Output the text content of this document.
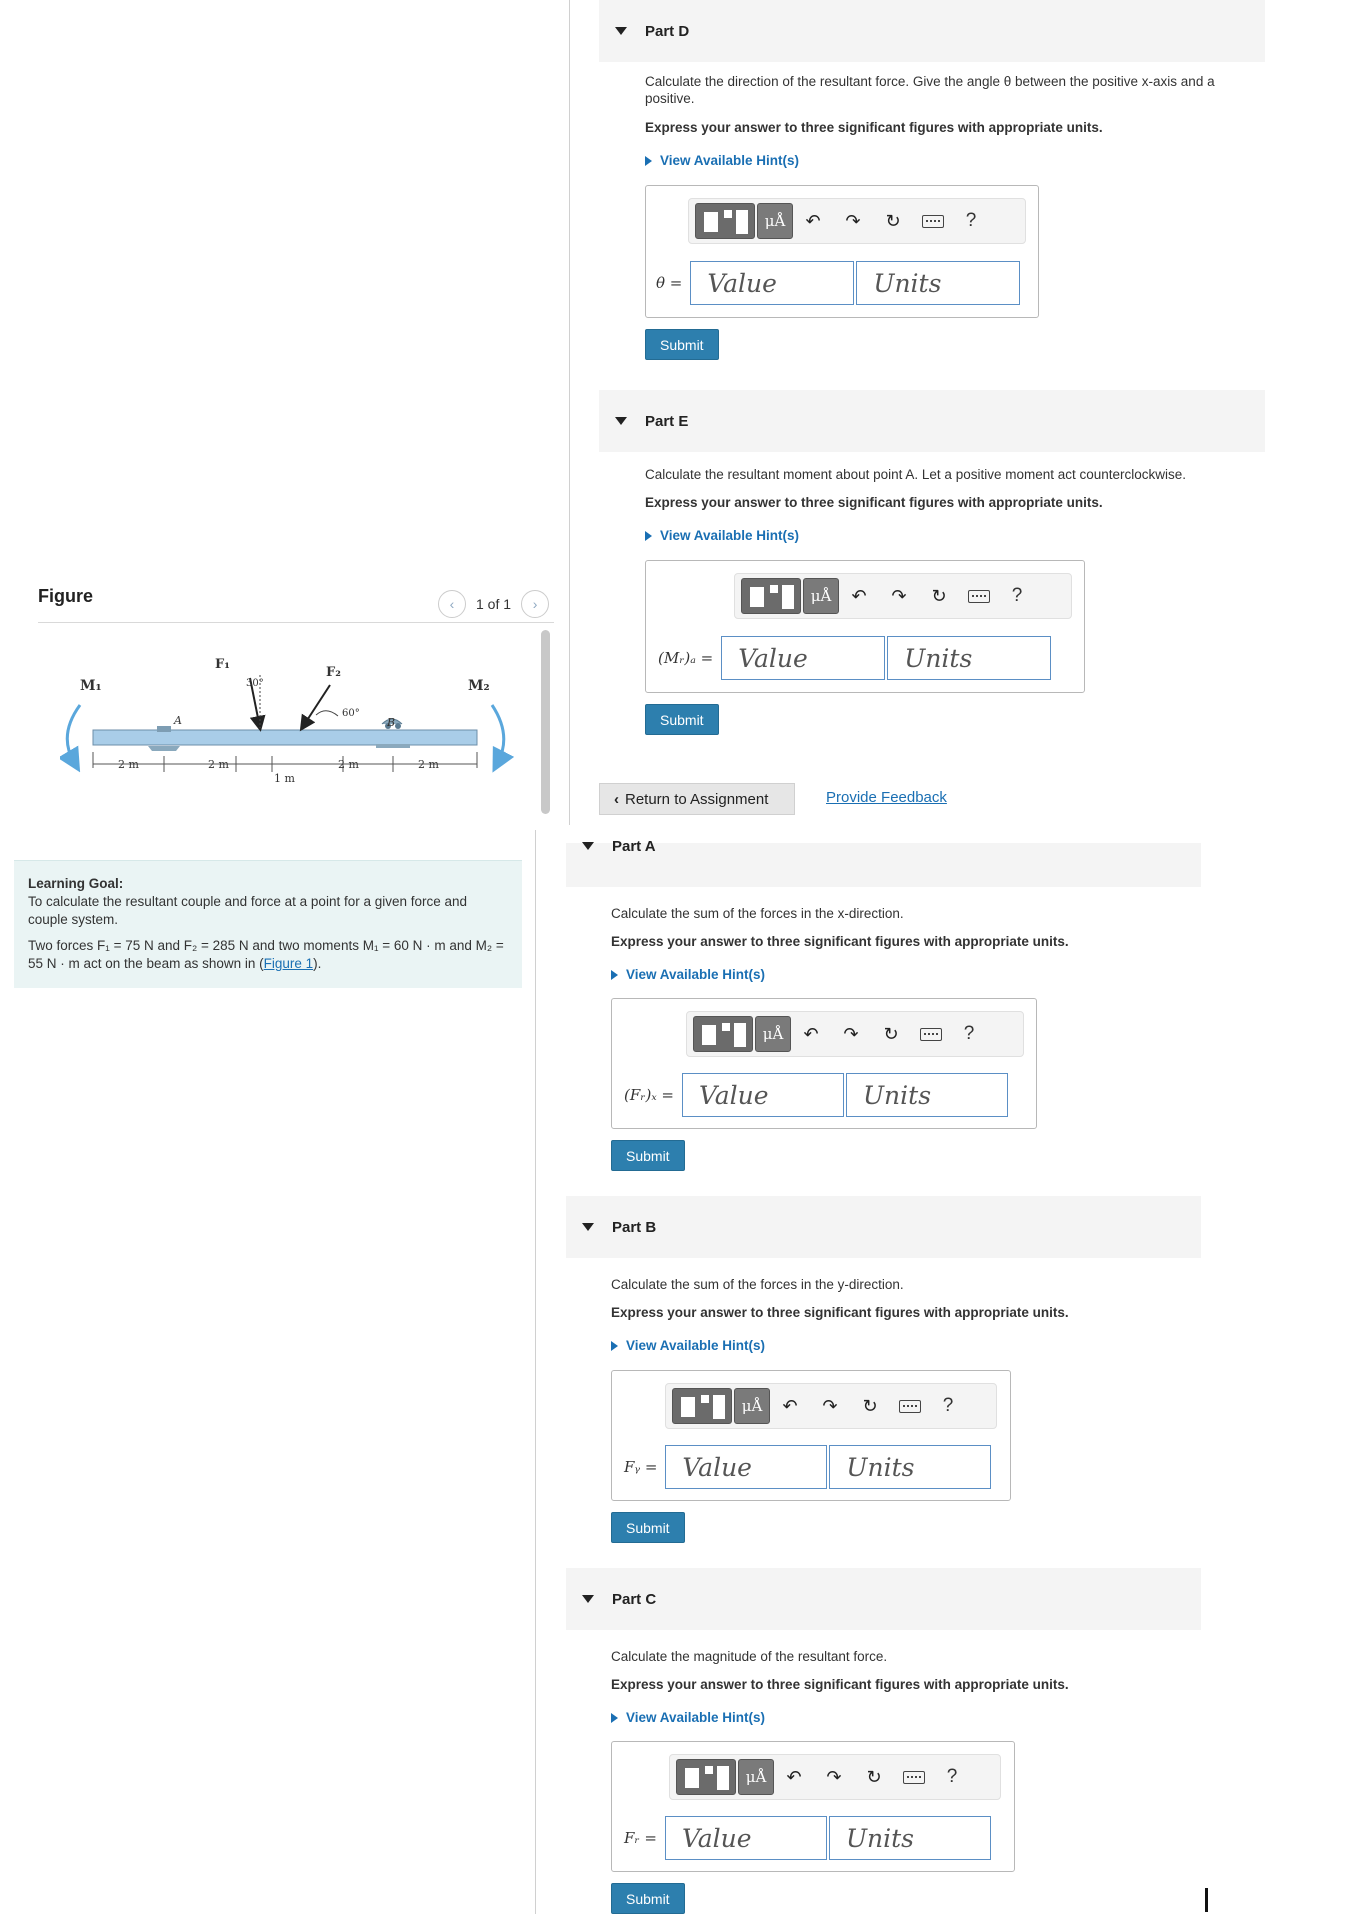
Figure	‹	1 of 1	›
M₁	M₂
F₁
F₂
A	B
30°
60°
2 m	2 m
1 m
2 m	2 m

Learning Goal:

To calculate the resultant couple and force at a point for a given force and couple system.

Two forces F₁ = 75 N and F₂ = 285 N and two moments M₁ = 60 N · m and M₂ = 55 N · m act on the beam as shown in (Figure 1).

Part D
Calculate the direction of the resultant force. Give the angle θ between the positive x-axis and a
positive.
Express your answer to three significant figures with appropriate units.
View Available Hint(s)
μÅ	↶	↷	↻	?
θ =	Value	Units
Submit
Part E
Calculate the resultant moment about point A. Let a positive moment act counterclockwise.
Express your answer to three significant figures with appropriate units.
View Available Hint(s)
μÅ	↶	↷	↻	?
(Mᵣ)ₐ =	Value	Units
Submit
‹ Return to Assignment	Provide Feedback
Part A
Calculate the sum of the forces in the x-direction.
Express your answer to three significant figures with appropriate units.
View Available Hint(s)
μÅ	↶	↷	↻	?
(Fᵣ)ₓ =	Value	Units
Submit
Part B
Calculate the sum of the forces in the y-direction.
Express your answer to three significant figures with appropriate units.
View Available Hint(s)
μÅ	↶	↷	↻	?
Fᵧ =	Value	Units
Submit
Part C
Calculate the magnitude of the resultant force.
Express your answer to three significant figures with appropriate units.
View Available Hint(s)
μÅ	↶	↷	↻	?
Fᵣ =	Value	Units
Submit
